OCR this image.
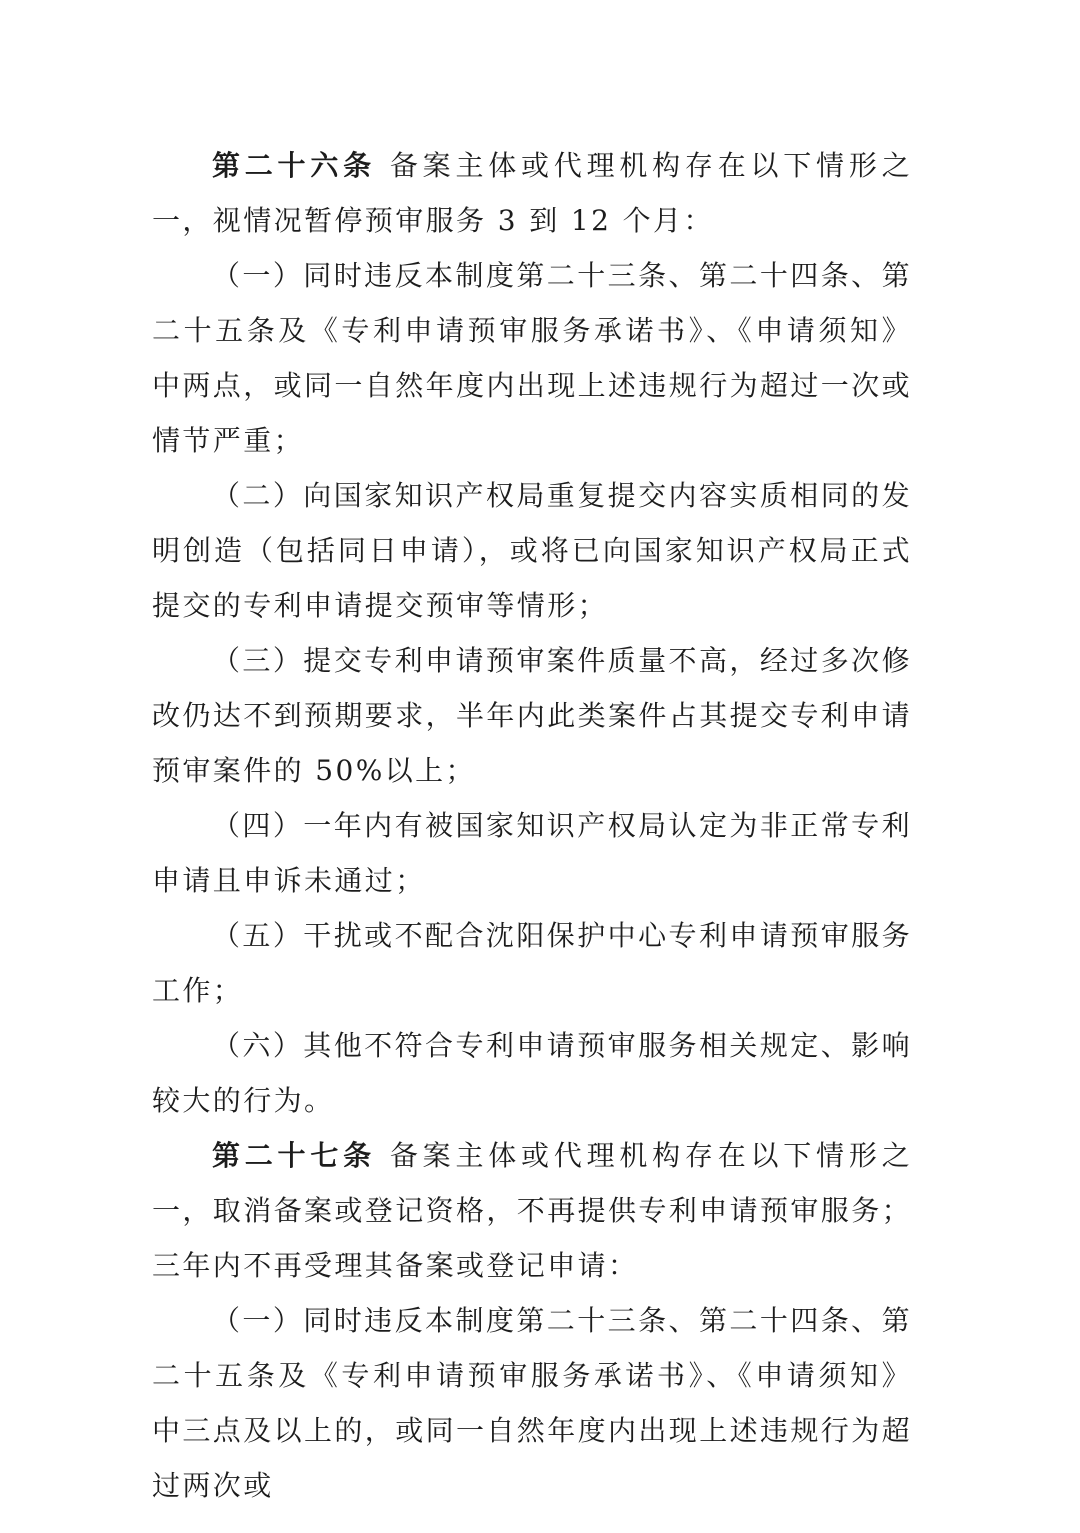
第二十六条 备案主体或代理机构存在以下情形之一，视情况暂停预审服务 3 到 12 个月：

（一）同时违反本制度第二十三条、第二十四条、第二十五条及《专利申请预审服务承诺书》、《申请须知》中两点，或同一自然年度内出现上述违规行为超过一次或情节严重；

（二）向国家知识产权局重复提交内容实质相同的发明创造（包括同日申请），或将已向国家知识产权局正式提交的专利申请提交预审等情形；

（三）提交专利申请预审案件质量不高，经过多次修改仍达不到预期要求，半年内此类案件占其提交专利申请预审案件的 50%以上；

（四）一年内有被国家知识产权局认定为非正常专利申请且申诉未通过；

（五）干扰或不配合沈阳保护中心专利申请预审服务工作；

（六）其他不符合专利申请预审服务相关规定、影响较大的行为。

第二十七条 备案主体或代理机构存在以下情形之一，取消备案或登记资格，不再提供专利申请预审服务；三年内不再受理其备案或登记申请：

（一）同时违反本制度第二十三条、第二十四条、第二十五条及《专利申请预审服务承诺书》、《申请须知》中三点及以上的，或同一自然年度内出现上述违规行为超过两次或
